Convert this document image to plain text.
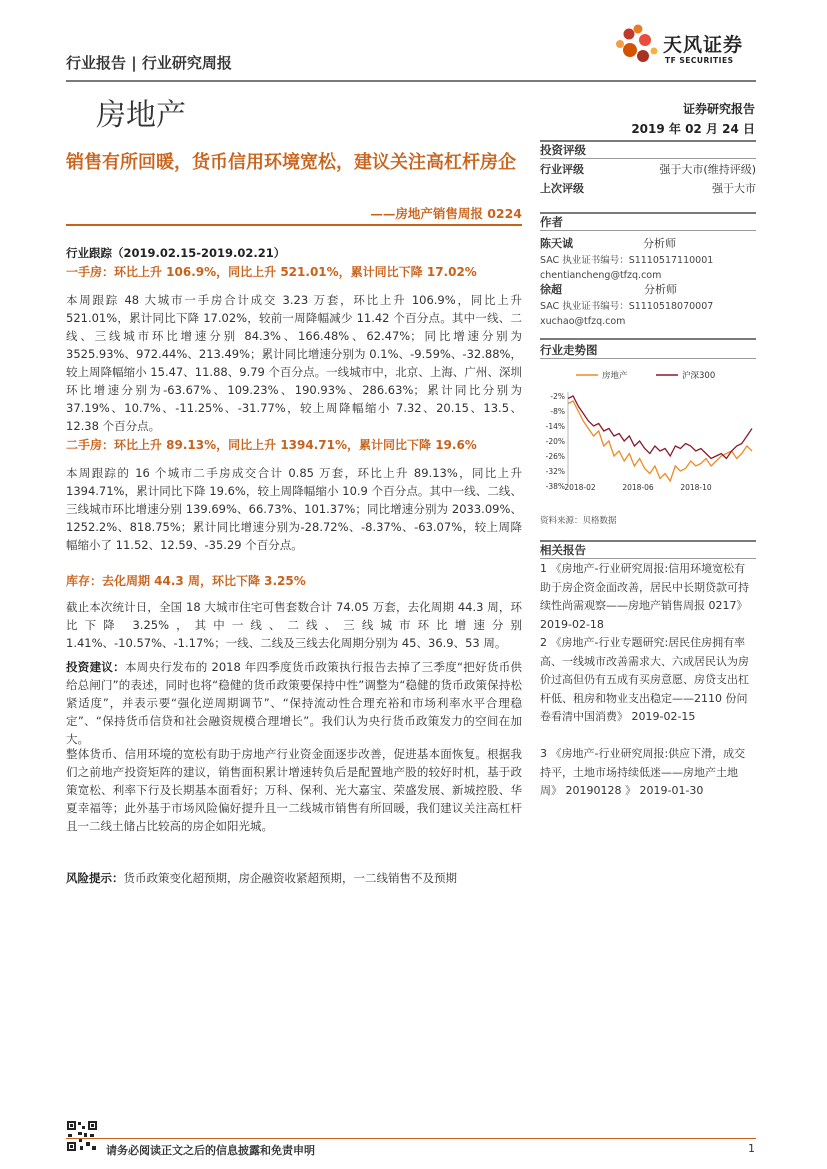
行业报告 | 行业研究周报
天风证券
TF SECURITIES
房地产	证券研究报告
2019 年 02 月 24 日
销售有所回暖，货币信用环境宽松，建议关注高杠杆房企
——房地产销售周报 0224
行业跟踪（2019.02.15-2019.02.21）
一手房：环比上升 106.9%，同比上升 521.01%，累计同比下降 17.02%
本周跟踪 48 大城市一手房合计成交 3.23 万套，环比上升 106.9%，同比上升 521.01%，累计同比下降 17.02%，较前一周降幅减少 11.42 个百分点。其中一线、二线、三线城市环比增速分别 84.3%、166.48%、62.47%；同比增速分别为 3525.93%、972.44%、213.49%；累计同比增速分别为 0.1%、-9.59%、-32.88%，较上周降幅缩小 15.47、11.88、9.79 个百分点。一线城市中，北京、上海、广州、深圳环比增速分别为-63.67%、109.23%、190.93%、286.63%；累计同比分别为 37.19%、10.7%、-11.25%、-31.77%，较上周降幅缩小 7.32、20.15、13.5、12.38 个百分点。
二手房：环比上升 89.13%，同比上升 1394.71%，累计同比下降 19.6%
本周跟踪的 16 个城市二手房成交合计 0.85 万套，环比上升 89.13%，同比上升 1394.71%，累计同比下降 19.6%，较上周降幅缩小 10.9 个百分点。其中一线、二线、三线城市环比增速分别 139.69%、66.73%、101.37%；同比增速分别为 2033.09%、1252.2%、818.75%；累计同比增速分别为-28.72%、-8.37%、-63.07%，较上周降幅缩小了 11.52、12.59、-35.29 个百分点。
库存：去化周期 44.3 周，环比下降 3.25%
截止本次统计日，全国 18 大城市住宅可售套数合计 74.05 万套，去化周期 44.3 周，环比下降 3.25%，其中一线、二线、三线城市环比增速分别 1.41%、-10.57%、-1.17%；一线、二线及三线去化周期分别为 45、36.9、53 周。
投资建议：本周央行发布的 2018 年四季度货币政策执行报告去掉了三季度“把好货币供给总闸门”的表述，同时也将“稳健的货币政策要保持中性”调整为“稳健的货币政策保持松紧适度”，并表示要“强化逆周期调节”、“保持流动性合理充裕和市场利率水平合理稳定”、“保持货币信贷和社会融资规模合理增长”。我们认为央行货币政策发力的空间在加大。
整体货币、信用环境的宽松有助于房地产行业资金面逐步改善，促进基本面恢复。根据我们之前地产投资矩阵的建议，销售面积累计增速转负后是配置地产股的较好时机，基于政策宽松、利率下行及长期基本面看好；万科、保利、光大嘉宝、荣盛发展、新城控股、华夏幸福等；此外基于市场风险偏好提升且一二线城市销售有所回暖，我们建议关注高杠杆且一二线土储占比较高的房企如阳光城。
风险提示：货币政策变化超预期，房企融资收紧超预期，一二线销售不及预期
投资评级
行业评级	强于大市(维持评级)
上次评级	强于大市
作者
陈天诚	分析师
SAC 执业证书编号：S1110517110001
chentiancheng@tfzq.com
徐超	分析师
SAC 执业证书编号：S1110518070007
xuchao@tfzq.com
行业走势图
房地产	沪深300
-2%
-8%
-14%
-20%
-26%
-32%
-38% 2018-02	2018-06	2018-10
资料来源：贝格数据
相关报告
1 《房地产-行业研究周报:信用环境宽松有助于房企资金面改善，居民中长期贷款可持续性尚需观察——房地产销售周报 0217》 2019-02-18
2 《房地产-行业专题研究:居民住房拥有率高、一线城市改善需求大、六成居民认为房价过高但仍有五成有买房意愿、房贷支出杠杆低、租房和物业支出稳定——2110 份问卷看清中国消费》 2019-02-15
3 《房地产-行业研究周报:供应下滑，成交持平，土地市场持续低迷——房地产土地周》 20190128 》 2019-01-30
请务必阅读正文之后的信息披露和免责申明	1
